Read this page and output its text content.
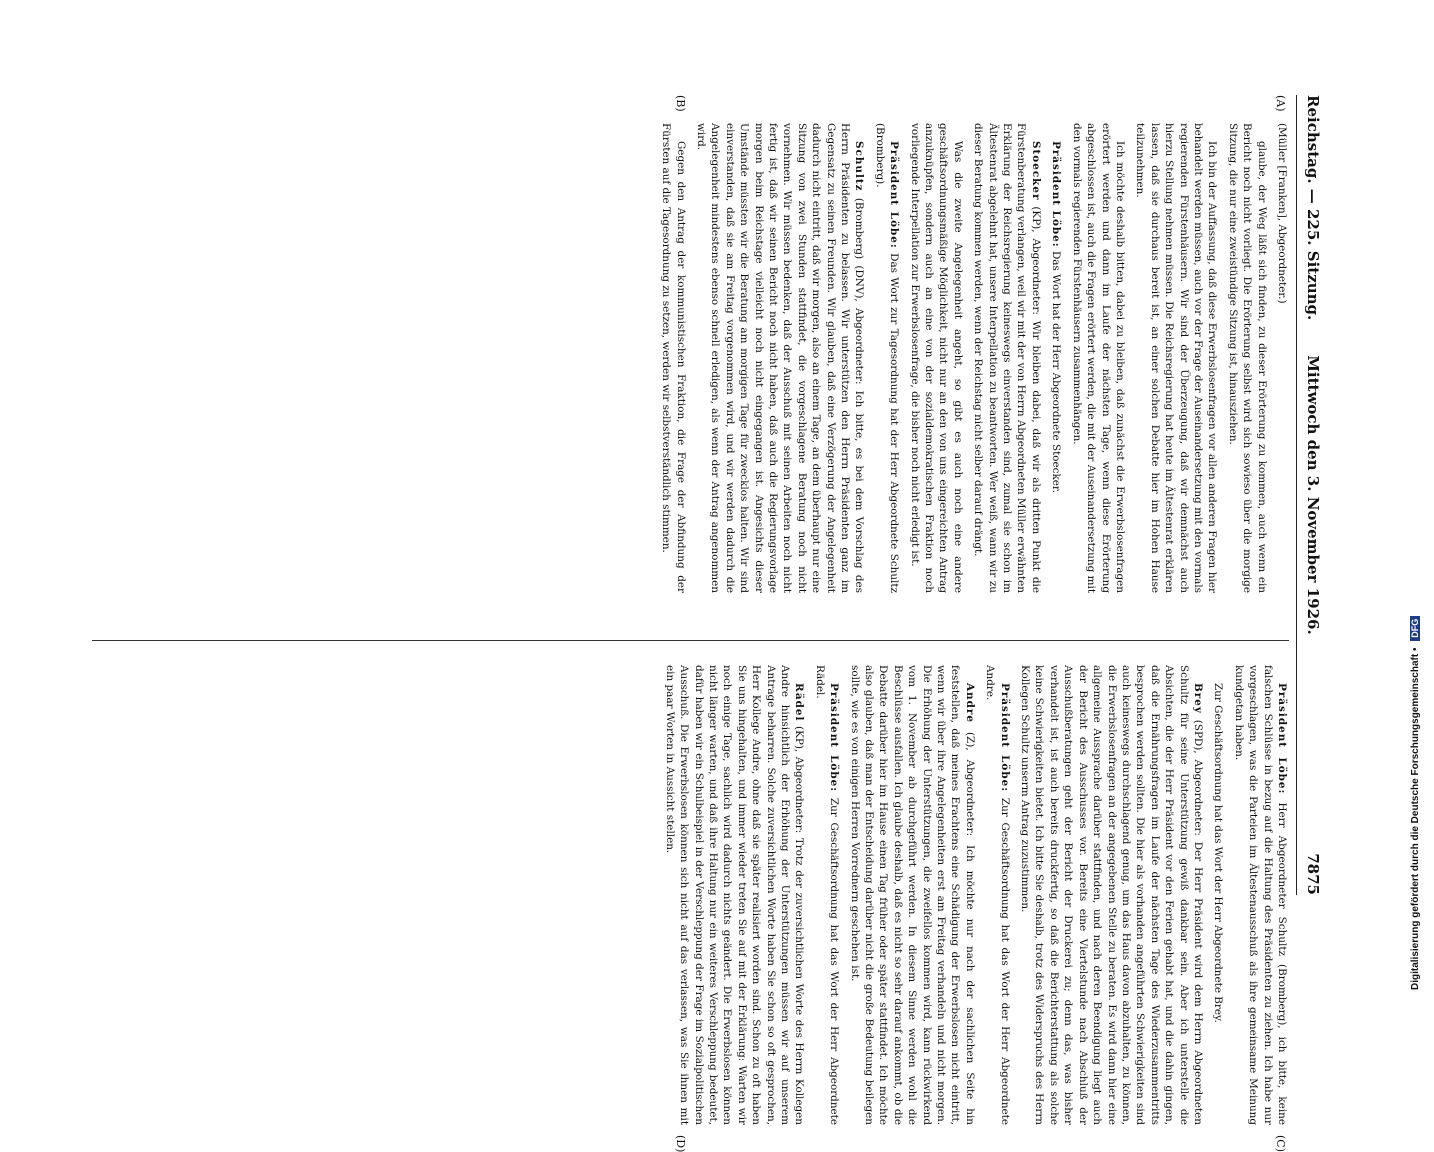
Reichstag. — 225. Sitzung.
Mittwoch den 3. November 1926.
7875
(A)
(B)
(C)
(D)

(Müller [Franken], Abgeordneter.)

glaube, der Weg läßt sich finden, zu dieser Erörterung zu kommen, auch wenn ein Bericht noch nicht vorliegt. Die Erörterung selbst wird sich sowieso über die morgige Sitzung, die nur eine zweistündige Sitzung ist, hinausziehen.

Ich bin der Auffassung, daß diese Erwerbslosenfragen vor allen anderen Fragen hier behandelt werden müssen, auch vor der Frage der Auseinandersetzung mit den vormals regierenden Fürstenhäusern. Wir sind der Überzeugung, daß wir demnächst auch hierzu Stellung nehmen müssen. Die Reichsregierung hat heute im Ältestenrat erklären lassen, daß sie durchaus bereit ist, an einer solchen Debatte hier im Hohen Hause teilzunehmen.

Ich möchte deshalb bitten, dabei zu bleiben, daß zunächst die Erwerbslosenfragen erörtert werden und dann im Laufe der nächsten Tage, wenn diese Erörterung abgeschlossen ist, auch die Fragen erörtert werden, die mit der Auseinandersetzung mit den vormals regierenden Fürstenhäusern zusammenhängen.

Präsident Löbe: Das Wort hat der Herr Abgeordnete Stoecker.

Stoecker (KP), Abgeordneter: Wir bleiben dabei, daß wir als dritten Punkt die Fürstenberatung verlangen, weil wir mit der von Herrn Abgeordneten Müller erwähnten Erklärung der Reichsregierung keineswegs einverstanden sind, zumal sie schon im Ältestenrat abgelehnt hat, unsere Interpellation zu beantworten. Wer weiß, wann wir zu dieser Beratung kommen werden, wenn der Reichstag nicht selber darauf drängt.

Was die zweite Angelegenheit angeht, so gibt es auch noch eine andere geschäftsordnungsmäßige Möglichkeit, nicht nur an den von uns eingereichten Antrag anzuknüpfen, sondern auch an eine von der sozialdemokratischen Fraktion noch vorliegende Interpellation zur Erwerbslosenfrage, die bisher noch nicht erledigt ist.

Präsident Löbe: Das Wort zur Tagesordnung hat der Herr Abgeordnete Schultz (Bromberg).

Schultz (Bromberg) (DNV), Abgeordneter: Ich bitte, es bei dem Vorschlag des Herrn Präsidenten zu belassen. Wir unterstützen den Herrn Präsidenten ganz im Gegensatz zu seinen Freunden. Wir glauben, daß eine Verzögerung der Angelegenheit dadurch nicht eintritt, daß wir morgen, also an einem Tage, an dem überhaupt nur eine Sitzung von zwei Stunden stattfindet, die vorgeschlagene Beratung noch nicht vornehmen. Wir müssen bedenken, daß der Ausschuß mit seinen Arbeiten noch nicht fertig ist, daß wir seinen Bericht noch nicht haben, daß auch die Regierungsvorlage morgen beim Reichstage vielleicht noch nicht eingegangen ist. Angesichts dieser Umstände müssten wir die Beratung am morgigen Tage für zwecklos halten. Wir sind einverstanden, daß sie am Freitag vorgenommen wird, und wir werden dadurch die Angelegenheit mindestens ebenso schnell erledigen, als wenn der Antrag angenommen wird.

Gegen den Antrag der kommunistischen Fraktion, die Frage der Abfindung der Fürsten auf die Tagesordnung zu setzen, werden wir selbstverständlich stimmen.

Präsident Löbe: Herr Abgeordneter Schultz (Bromberg), ich bitte, keine falschen Schlüsse in bezug auf die Haltung des Präsidenten zu ziehen. Ich habe nur vorgeschlagen, was die Parteien im Ältestenausschuß als ihre gemeinsame Meinung kundgetan haben.

Zur Geschäftsordnung hat das Wort der Herr Abgeordnete Brey.

Brey (SPD), Abgeordneter: Der Herr Präsident wird dem Herrn Abgeordneten Schultz für seine Unterstützung gewiß dankbar sein. Aber ich unterstelle die Absichten, die der Herr Präsident vor den Ferien gehabt hat, und die dahin gingen, daß die Ernährungsfragen im Laufe der nächsten Tage des Wiederzusammentritts besprochen werden sollten. Die hier als vorhanden angeführten Schwierigkeiten sind auch keineswegs durchschlagend genug, um das Haus davon abzuhalten, zu können, die Erwerbslosenfragen an der angegebenen Stelle zu beraten. Es wird dann hier eine allgemeine Aussprache darüber stattfinden, und nach deren Beendigung liegt auch der Bericht des Ausschusses vor. Bereits eine Viertelstunde nach Abschluß der Ausschußberatungen geht der Bericht der Druckerei zu; denn das, was bisher verhandelt ist, ist auch bereits druckfertig, so daß die Berichterstattung als solche keine Schwierigkeiten bietet. Ich bitte Sie deshalb, trotz des Widerspruchs des Herrn Kollegen Schultz unserm Antrag zuzustimmen.

Präsident Löbe: Zur Geschäftsordnung hat das Wort der Herr Abgeordnete Andre.

Andre (Z), Abgeordneter: Ich möchte nur nach der sachlichen Seite hin feststellen, daß meines Erachtens eine Schädigung der Erwerbslosen nicht eintritt, wenn wir über ihre Angelegenheiten erst am Freitag verhandeln und nicht morgen. Die Erhöhung der Unterstützungen, die zweifellos kommen wird, kann rückwirkend vom 1. November ab durchgeführt werden. In diesem Sinne werden wohl die Beschlüsse ausfallen. Ich glaube deshalb, daß es nicht so sehr darauf ankommt, ob die Debatte darüber hier im Hause einen Tag früher oder später stattfindet. Ich möchte also glauben, daß man der Entscheidung darüber nicht die große Bedeutung beilegen sollte, wie es von einigen Herren Vorrednern geschehen ist.

Präsident Löbe: Zur Geschäftsordnung hat das Wort der Herr Abgeordnete Rädel.

Rädel (KP), Abgeordneter: Trotz der zuversichtlichen Worte des Herrn Kollegen Andre hinsichtlich der Erhöhung der Unterstützungen müssen wir auf unserem Antrage beharren. Solche zuversichtlichen Worte haben Sie schon so oft gesprochen, Herr Kollege Andre, ohne daß sie später realisiert worden sind. Schon zu oft haben Sie uns hingehalten, und immer wieder treten Sie auf mit der Erklärung: Warten wir noch einige Tage, sachlich wird dadurch nichts geändert. Die Erwerbslosen können nicht länger warten, und daß ihre Haltung nur ein weiteres Verschleppung bedeutet, dafür haben wir ein Schulbeispiel in der Verschleppung der Frage im Sozialpolitischen Ausschuß. Die Erwerbslosen können sich nicht auf das verlassen, was Sie ihnen mit ein paar Worten in Aussicht stellen.	Digitalisierung gefördert durch die Deutsche Forschungsgemeinschaft • DFG
